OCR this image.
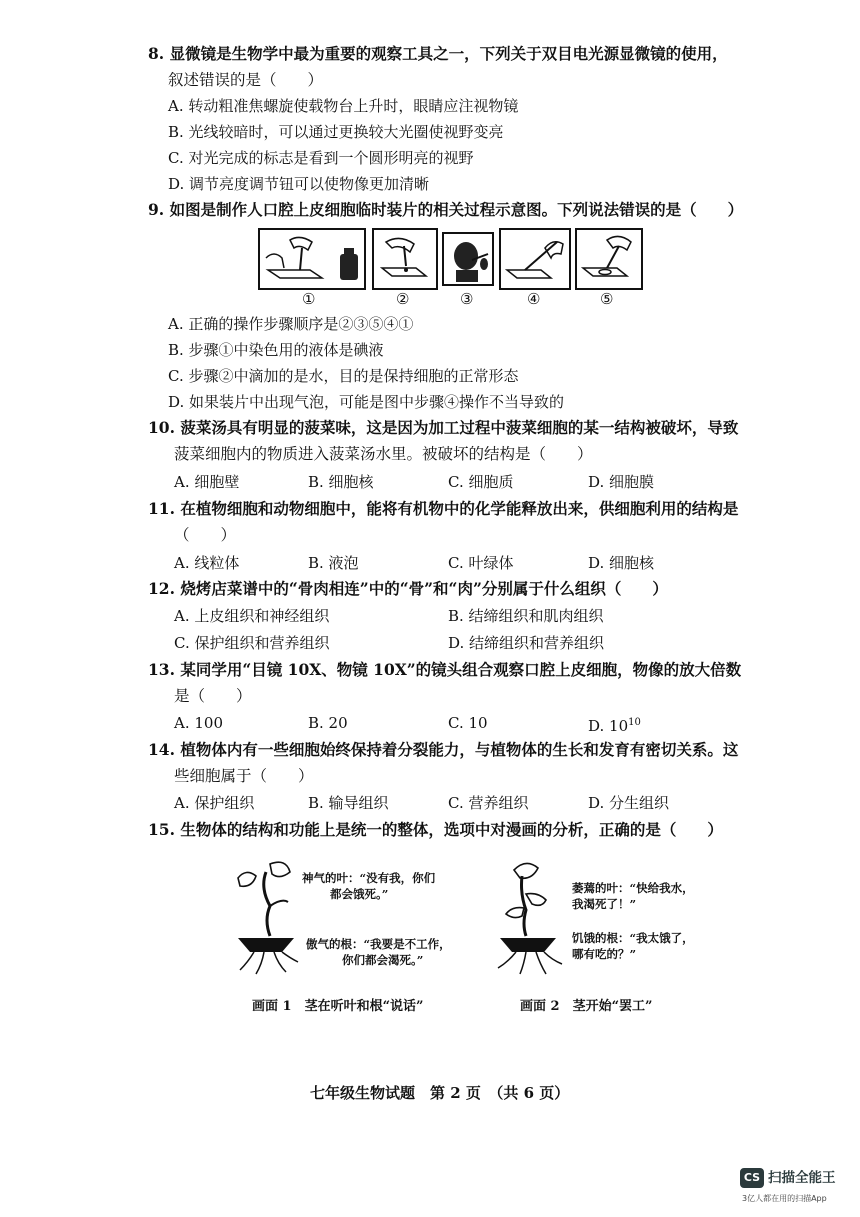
8. 显微镜是生物学中最为重要的观察工具之一，下列关于双目电光源显微镜的使用，
叙述错误的是（　　）
A. 转动粗准焦螺旋使载物台上升时，眼睛应注视物镜
B. 光线较暗时，可以通过更换较大光圈使视野变亮
C. 对光完成的标志是看到一个圆形明亮的视野
D. 调节亮度调节钮可以使物像更加清晰
9. 如图是制作人口腔上皮细胞临时装片的相关过程示意图。下列说法错误的是（　　）
①	②	③	④	⑤
A. 正确的操作步骤顺序是②③⑤④①
B. 步骤①中染色用的液体是碘液
C. 步骤②中滴加的是水，目的是保持细胞的正常形态
D. 如果装片中出现气泡，可能是图中步骤④操作不当导致的
10. 菠菜汤具有明显的菠菜味，这是因为加工过程中菠菜细胞的某一结构被破坏，导致
菠菜细胞内的物质进入菠菜汤水里。被破坏的结构是（　　）
A. 细胞壁	B. 细胞核	C. 细胞质	D. 细胞膜
11. 在植物细胞和动物细胞中，能将有机物中的化学能释放出来，供细胞利用的结构是
（　　）
A. 线粒体	B. 液泡	C. 叶绿体	D. 细胞核
12. 烧烤店菜谱中的“骨肉相连”中的“骨”和“肉”分别属于什么组织（　　）
A. 上皮组织和神经组织	B. 结缔组织和肌肉组织
C. 保护组织和营养组织	D. 结缔组织和营养组织
13. 某同学用“目镜 10X、物镜 10X”的镜头组合观察口腔上皮细胞，物像的放大倍数
是（　　）
A. 100	B. 20	C. 10	D. $10^{10}$
14. 植物体内有一些细胞始终保持着分裂能力，与植物体的生长和发育有密切关系。这
些细胞属于（　　）
A. 保护组织	B. 输导组织	C. 营养组织	D. 分生组织
15. 生物体的结构和功能上是统一的整体，选项中对漫画的分析，正确的是（　　）
神气的叶：“没有我，你们
都会饿死。”
傲气的根：“我要是不工作，
你们都会渴死。”
画面 1　茎在听叶和根“说话”
萎蔫的叶：“快给我水，
我渴死了！”
饥饿的根：“我太饿了，
哪有吃的？”
画面 2　茎开始“罢工”
七年级生物试题　第 2 页　（共 6 页）
CS 扫描全能王
3亿人都在用的扫描App
